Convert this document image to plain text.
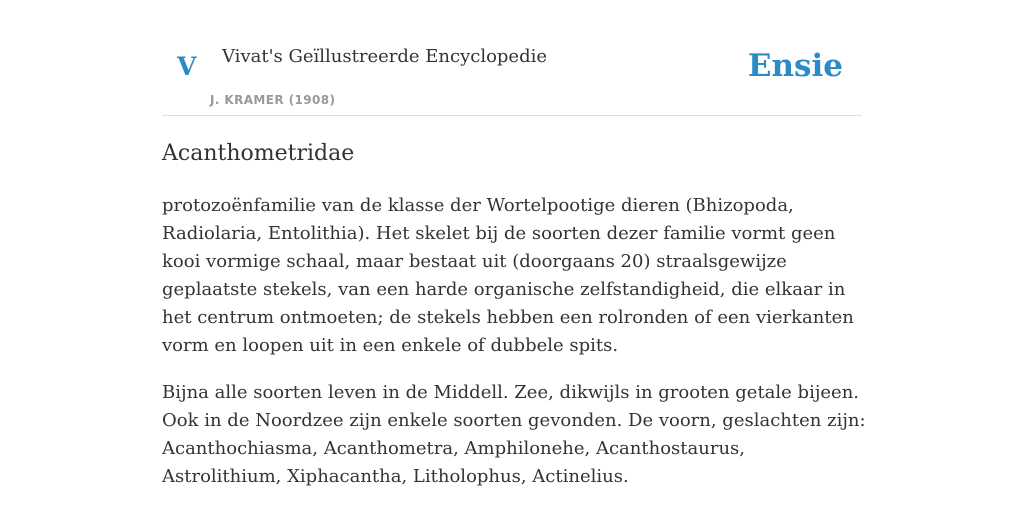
V Vivat's Geïllustreerde Encyclopedie
J. KRAMER (1908)
Ensie
Acanthometridae

protozoënfamilie van de klasse der Wortelpootige dieren (Bhizopoda, Radiolaria, Entolithia). Het skelet bij de soorten dezer familie vormt geen kooi vormige schaal, maar bestaat uit (doorgaans 20) straalsgewijze geplaatste stekels, van een harde organische zelfstandigheid, die elkaar in het centrum ontmoeten; de stekels hebben een rolronden of een vierkanten vorm en loopen uit in een enkele of dubbele spits.

Bijna alle soorten leven in de Middell. Zee, dikwijls in grooten getale bijeen. Ook in de Noordzee zijn enkele soorten gevonden. De voorn, geslachten zijn: Acanthochiasma, Acanthometra, Amphilonehe, Acanthostaurus, Astrolithium, Xiphacantha, Litholophus, Actinelius.
